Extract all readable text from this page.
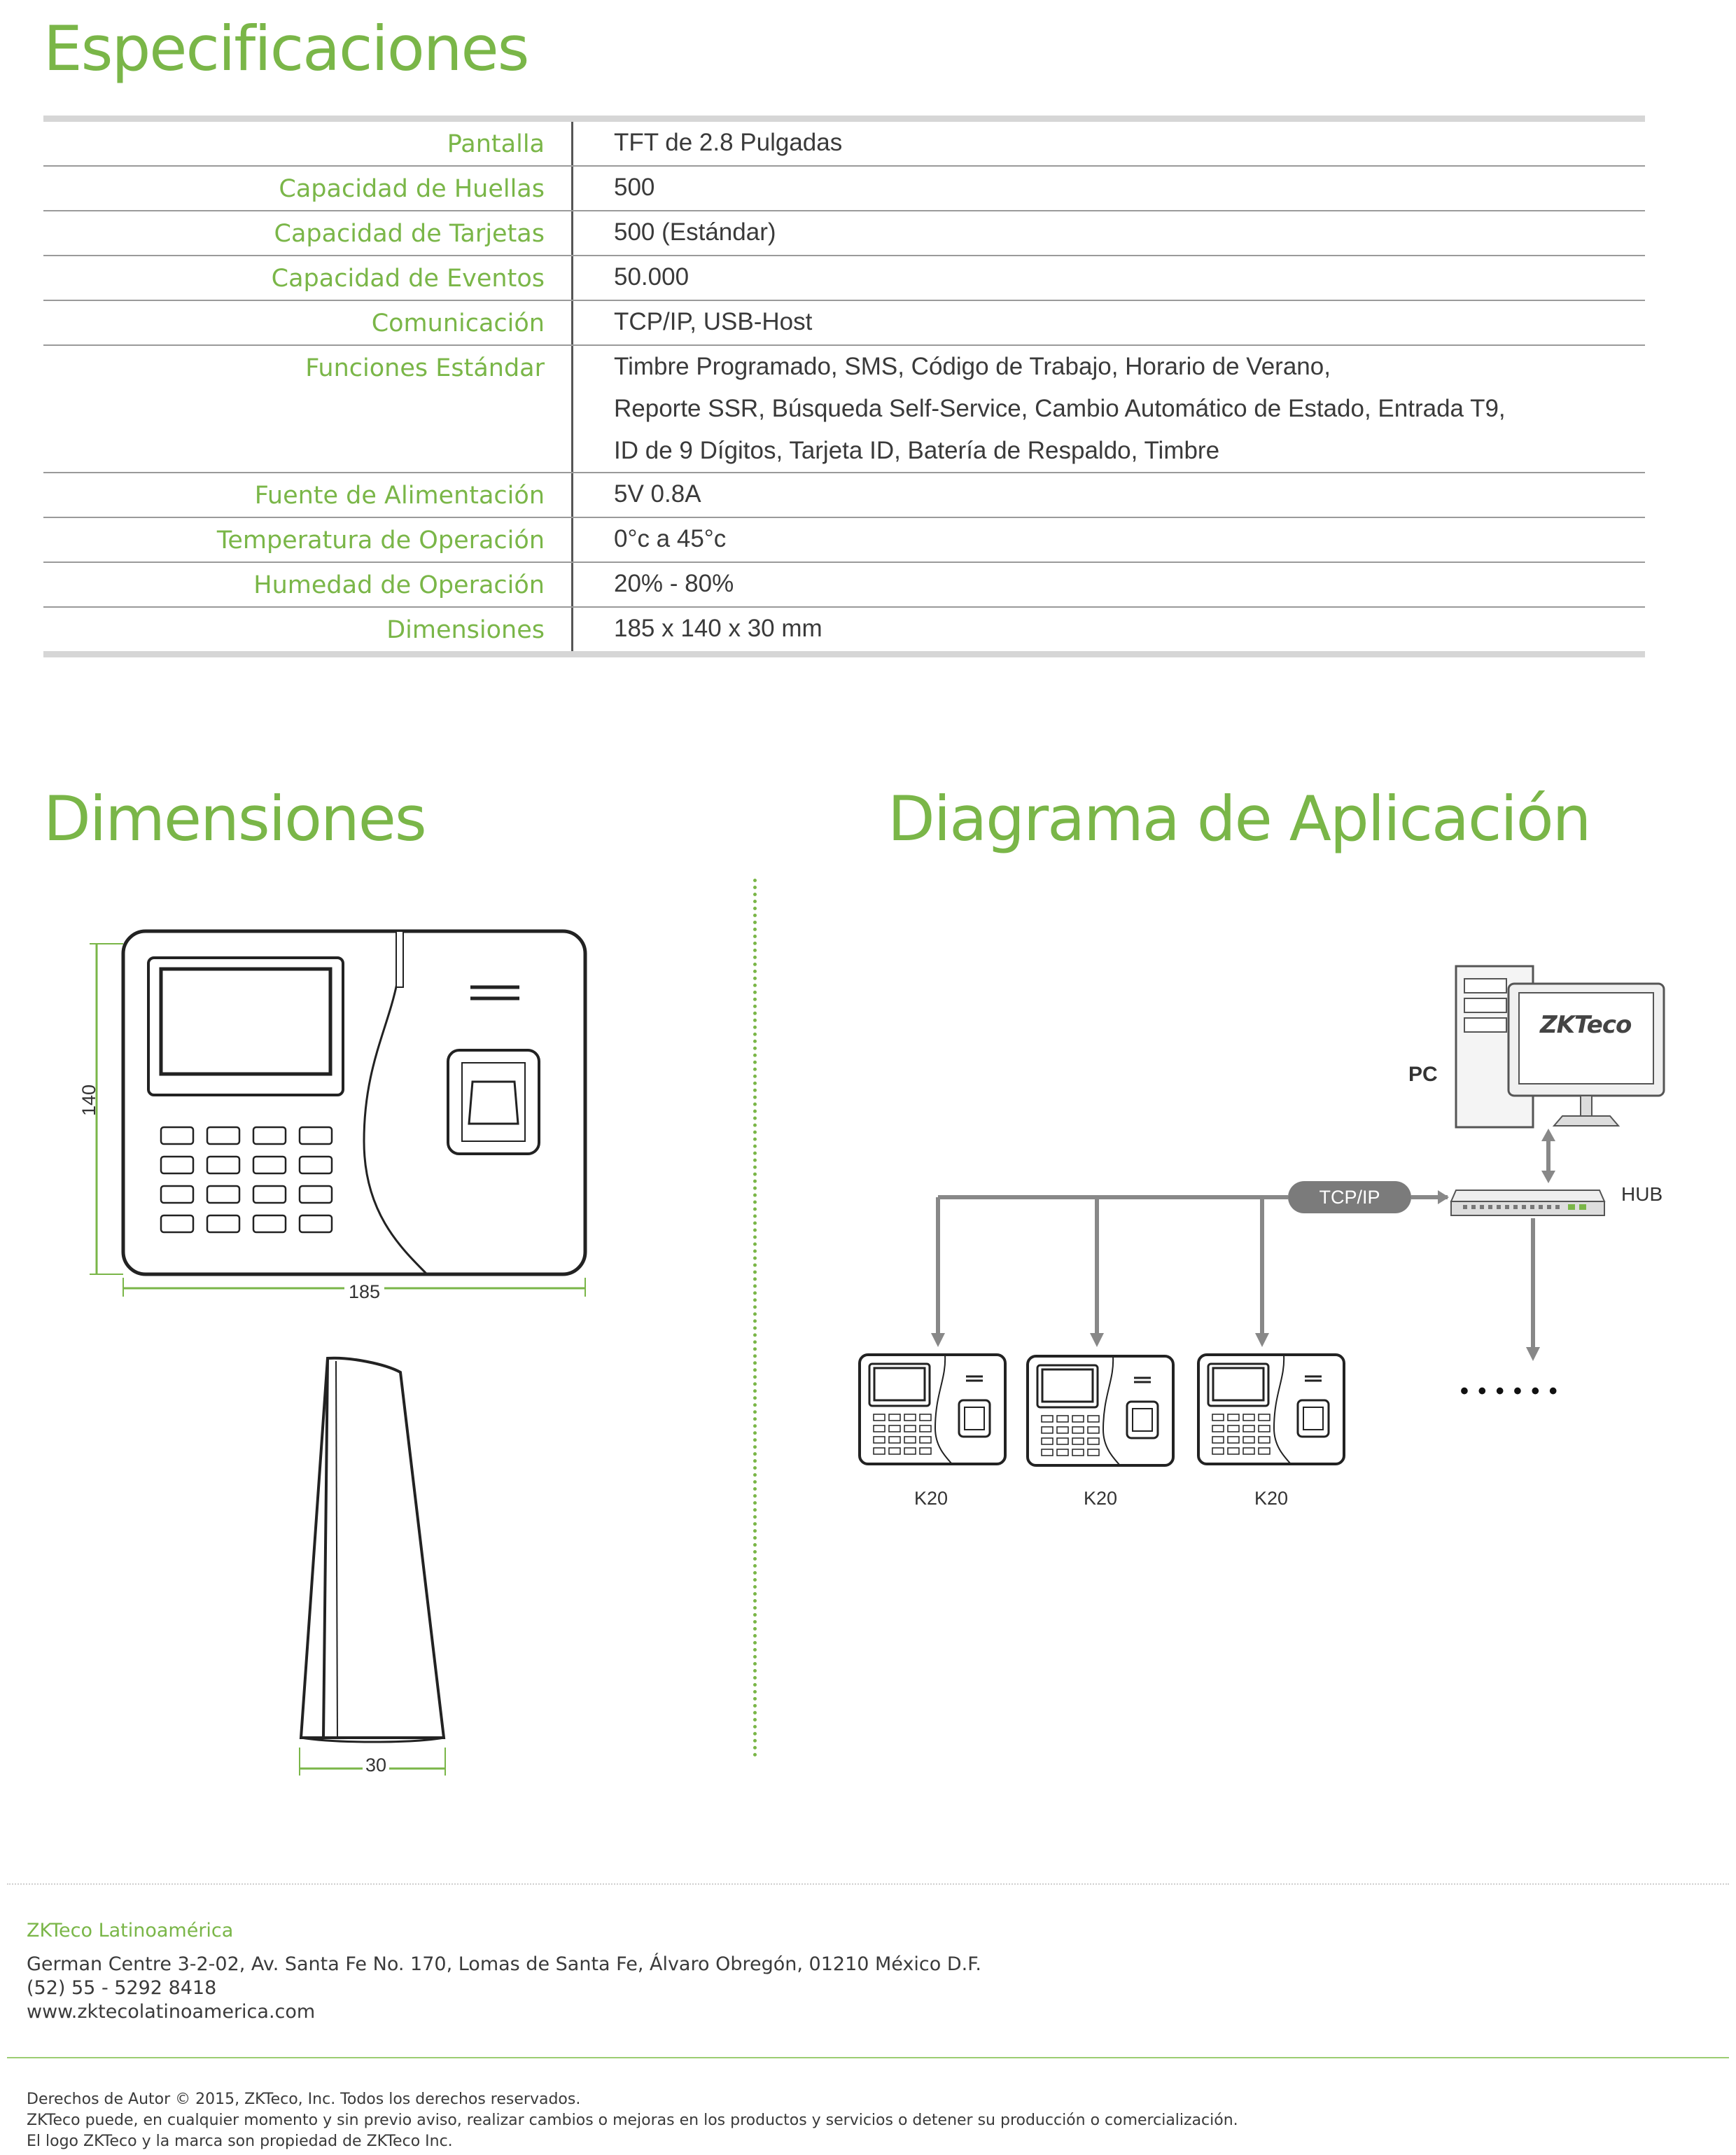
Especificaciones
Pantalla	TFT de 2.8 Pulgadas
Capacidad de Huellas	500
Capacidad de Tarjetas	500 (Estándar)
Capacidad de Eventos	50.000
Comunicación	TCP/IP, USB-Host
Funciones Estándar	Timbre Programado, SMS, Código de Trabajo, Horario de Verano,
Reporte SSR, Búsqueda Self-Service, Cambio Automático de Estado, Entrada T9,
ID de 9 Dígitos, Tarjeta ID, Batería de Respaldo, Timbre
Fuente de Alimentación	5V 0.8A
Temperatura de Operación	0°c a 45°c
Humedad de Operación	20% - 80%
Dimensiones	185 x 140 x 30 mm
Dimensiones	Diagrama de Aplicación
140
185
30
ZKTeco
PC
HUB
TCP/IP
• • • • • •
K20	K20	K20
ZKTeco Latinoamérica
German Centre 3-2-02, Av. Santa Fe No. 170, Lomas de Santa Fe, Álvaro Obregón, 01210 México D.F.
(52) 55 - 5292 8418
www.zktecolatinoamerica.com
Derechos de Autor © 2015, ZKTeco, Inc. Todos los derechos reservados.
ZKTeco puede, en cualquier momento y sin previo aviso, realizar cambios o mejoras en los productos y servicios o detener su producción o comercialización.
El logo ZKTeco y la marca son propiedad de ZKTeco Inc.
